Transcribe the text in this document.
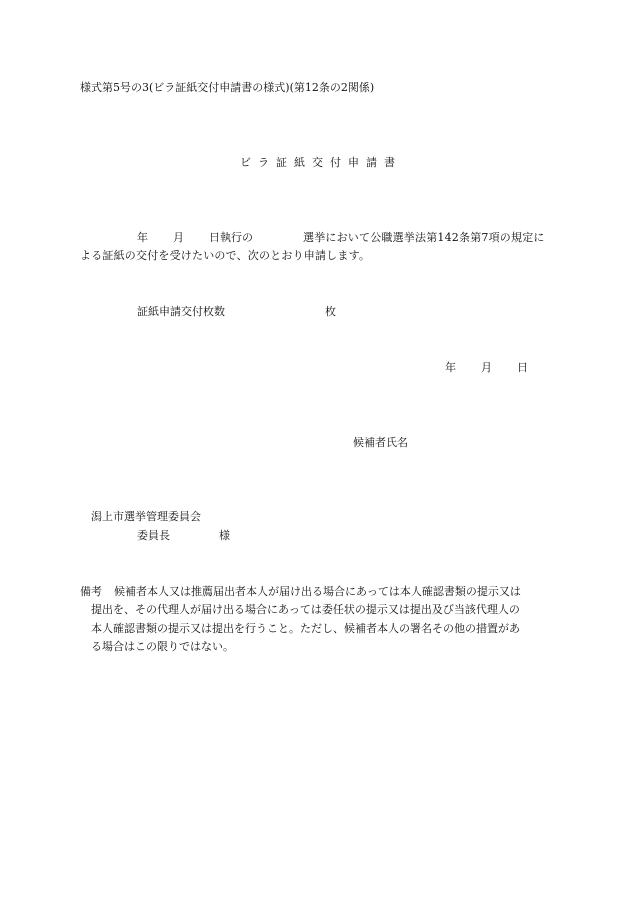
様式第5号の3(ビラ証紙交付申請書の様式)(第12条の2関係)
ビラ証紙交付申請書
年 月 日執行の	選挙において公職選挙法第142条第7項の規定に
よる証紙の交付を受けたいので、次のとおり申請します。
証紙申請交付枚数	枚
年 月 日
候補者氏名
潟上市選挙管理委員会
委員長	様
備考 候補者本人又は推薦届出者本人が届け出る場合にあっては本人確認書類の提示又は
提出を、その代理人が届け出る場合にあっては委任状の提示又は提出及び当該代理人の
本人確認書類の提示又は提出を行うこと。ただし、候補者本人の署名その他の措置があ
る場合はこの限りではない。
